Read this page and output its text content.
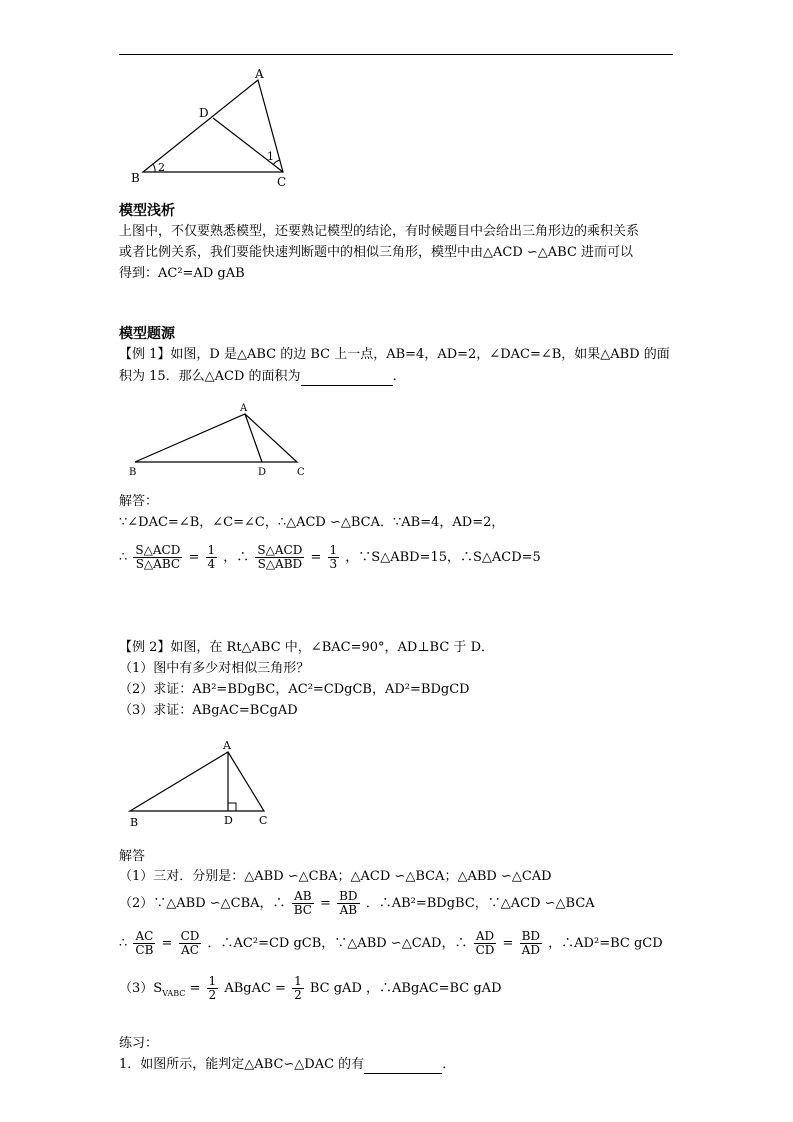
A
D
B	C
2
1
模型浅析
上图中，不仅要熟悉模型，还要熟记模型的结论，有时候题目中会给出三角形边的乘积关系
或者比例关系，我们要能快速判断题中的相似三角形，模型中由△ACD ∽△ABC 进而可以
得到：AC²=AD gAB
模型题源
【例 1】如图，D 是△ABC 的边 BC 上一点，AB=4，AD=2，∠DAC=∠B，如果△ABD 的面
积为 15．那么△ACD 的面积为	．
A
B	D	C
解答：
∵∠DAC=∠B，∠C=∠C，∴△ACD ∽△BCA．∵AB=4，AD=2，
∴ $\frac{\text{S△ACD}}{\text{S△ABC}} = \frac{1}{4}$ ，∴ $\frac{\text{S△ACD}}{\text{S△ABD}} = \frac{1}{3}$ ，∵S△ABD=15，∴S△ACD=5
【例 2】如图，在 Rt△ABC 中，∠BAC=90°，AD⊥BC 于 D．
（1）图中有多少对相似三角形？
（2）求证：AB²=BDgBC，AC²=CDgCB，AD²=BDgCD
（3）求证：ABgAC=BCgAD
A
B	D C
解答
（1）三对．分别是：△ABD ∽△CBA；△ACD ∽△BCA；△ABD ∽△CAD
（2）∵△ABD ∽△CBA，∴ $\frac{AB}{BC} = \frac{BD}{AB}$ ．∴AB²=BDgBC，∵△ACD ∽△BCA
∴ $\frac{AC}{CB} = \frac{CD}{AC}$ ．∴AC²=CD gCB，∵△ABD ∽△CAD，∴ $\frac{AD}{CD} = \frac{BD}{AD}$ ，∴AD²=BC gCD
$(3)S_{VABC} = \frac{1}{2}$ ABgAC = $\frac{1}{2}$ BC gAD ，∴ABgAC=BC gAD
练习：
1．如图所示，能判定△ABC∽△DAC 的有	．
